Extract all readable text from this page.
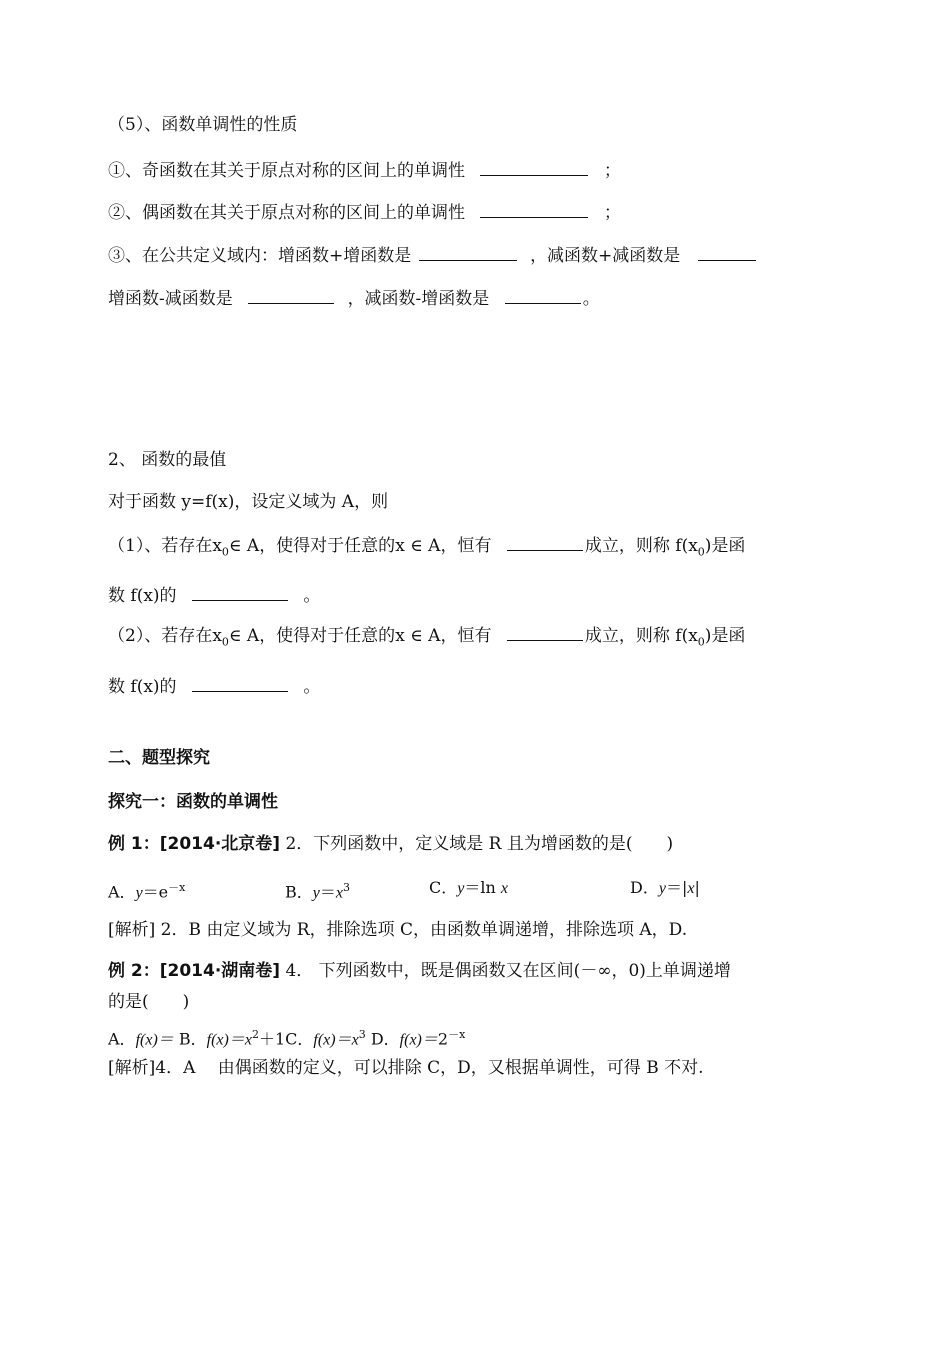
（5）、函数单调性的性质
①、奇函数在其关于原点对称的区间上的单调性	；
②、偶函数在其关于原点对称的区间上的单调性	；
③、在公共定义域内：增函数+增函数是	，减函数+减函数是
增函数-减函数是	，减函数-增函数是	。
2、 函数的最值
对于函数 y=f(x)，设定义域为 A，则
（1）、若存在$x_0\in$ A，使得对于任意的x ∈ A，恒有	成立，则称 $f(x_0)$是函
数 f(x)的	。
（2）、若存在$x_0\in$ A，使得对于任意的x ∈ A，恒有	成立，则称 $f(x_0)$是函
数 f(x)的	。
二、题型探究
探究一：函数的单调性
例 1：[2014·北京卷] 2．下列函数中，定义域是 R 且为增函数的是(　　)
A．$y=e^{-x}$	B．$y=x^3$	C．y＝ln x	D．y＝|x|
[解析] 2．B 由定义域为 R，排除选项 C，由函数单调递增，排除选项 A，D.
例 2：[2014·湖南卷] 4． 下列函数中，既是偶函数又在区间(－∞，0)上单调递增
的是(　　)
A．f(x)＝ B．$f(x)=x^2+1C$．$f(x)=x^3$ D．$f(x)=2^{-x}$
[解析]4．A　 由偶函数的定义，可以排除 C，D，又根据单调性，可得 B 不对.
